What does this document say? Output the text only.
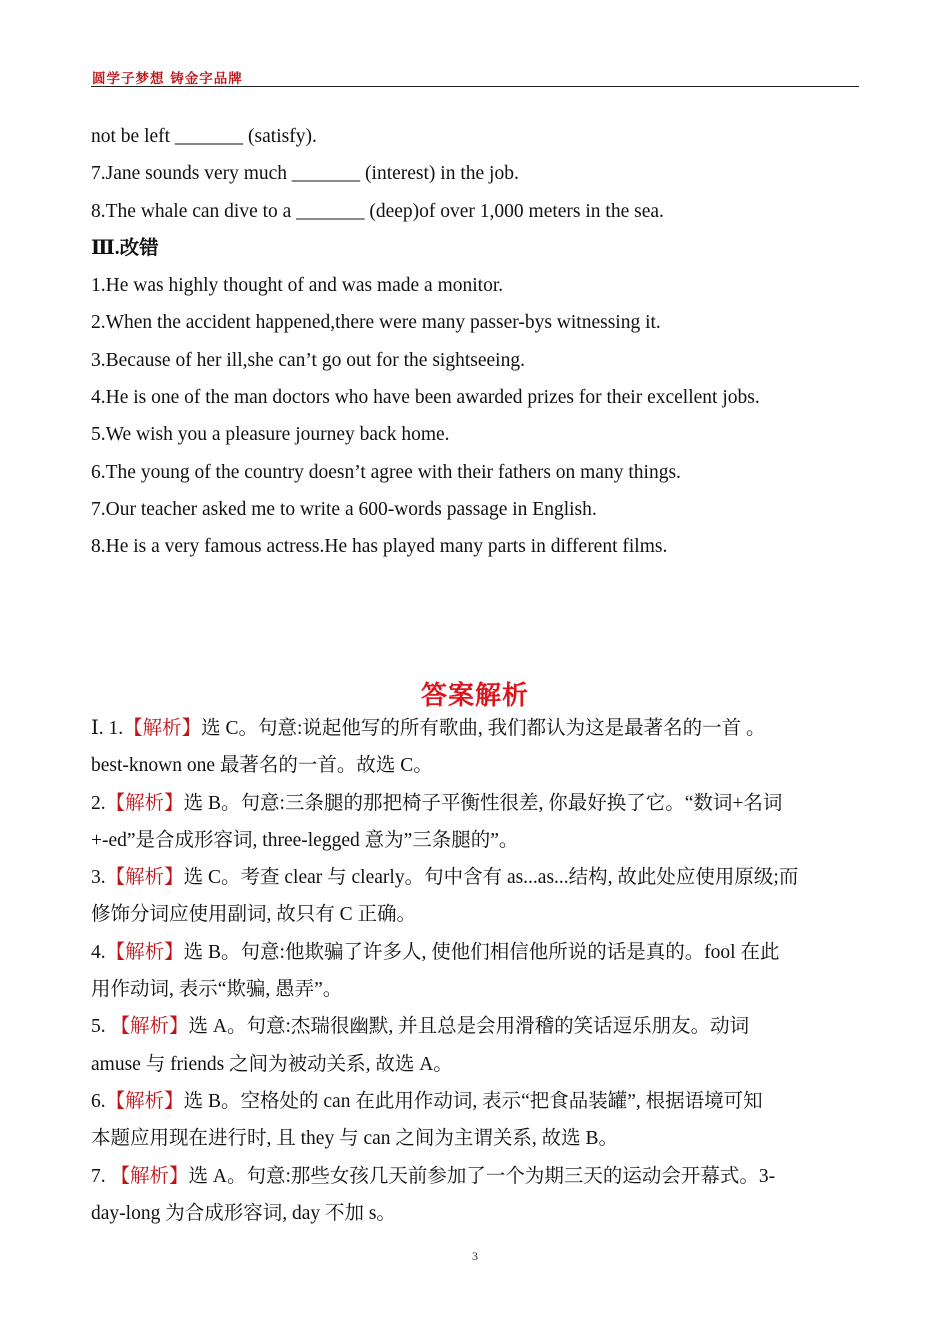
圆学子梦想 铸金字品牌
not be left _______ (satisfy).
7.Jane sounds very much _______ (interest) in the job.
8.The whale can dive to a _______ (deep)of over 1,000 meters in the sea.
Ⅲ.改错
1.He was highly thought of and was made a monitor.
2.When the accident happened,there were many passer-bys witnessing it.
3.Because of her ill,she can’t go out for the sightseeing.
4.He is one of the man doctors who have been awarded prizes for their excellent jobs.
5.We wish you a pleasure journey back home.
6.The young of the country doesn’t agree with their fathers on many things.
7.Our teacher asked me to write a 600-words passage in English.
8.He is a very famous actress.He has played many parts in different films.
答案解析
Ⅰ. 1.【解析】选 C。句意:说起他写的所有歌曲, 我们都认为这是最著名的一首 。
best-known one 最著名的一首。故选 C。
2.【解析】选 B。句意:三条腿的那把椅子平衡性很差, 你最好换了它。“数词+名词
+-ed”是合成形容词, three-legged 意为”三条腿的”。
3.【解析】选 C。考查 clear 与 clearly。句中含有 as...as...结构, 故此处应使用原级;而
修饰分词应使用副词, 故只有 C 正确。
4.【解析】选 B。句意:他欺骗了许多人, 使他们相信他所说的话是真的。fool 在此
用作动词, 表示“欺骗, 愚弄”。
5. 【解析】选 A。句意:杰瑞很幽默, 并且总是会用滑稽的笑话逗乐朋友。动词
amuse 与 friends 之间为被动关系, 故选 A。
6.【解析】选 B。空格处的 can 在此用作动词, 表示“把食品装罐”, 根据语境可知
本题应用现在进行时, 且 they 与 can 之间为主谓关系, 故选 B。
7. 【解析】选 A。句意:那些女孩几天前参加了一个为期三天的运动会开幕式。3-
day-long 为合成形容词, day 不加 s。
3
